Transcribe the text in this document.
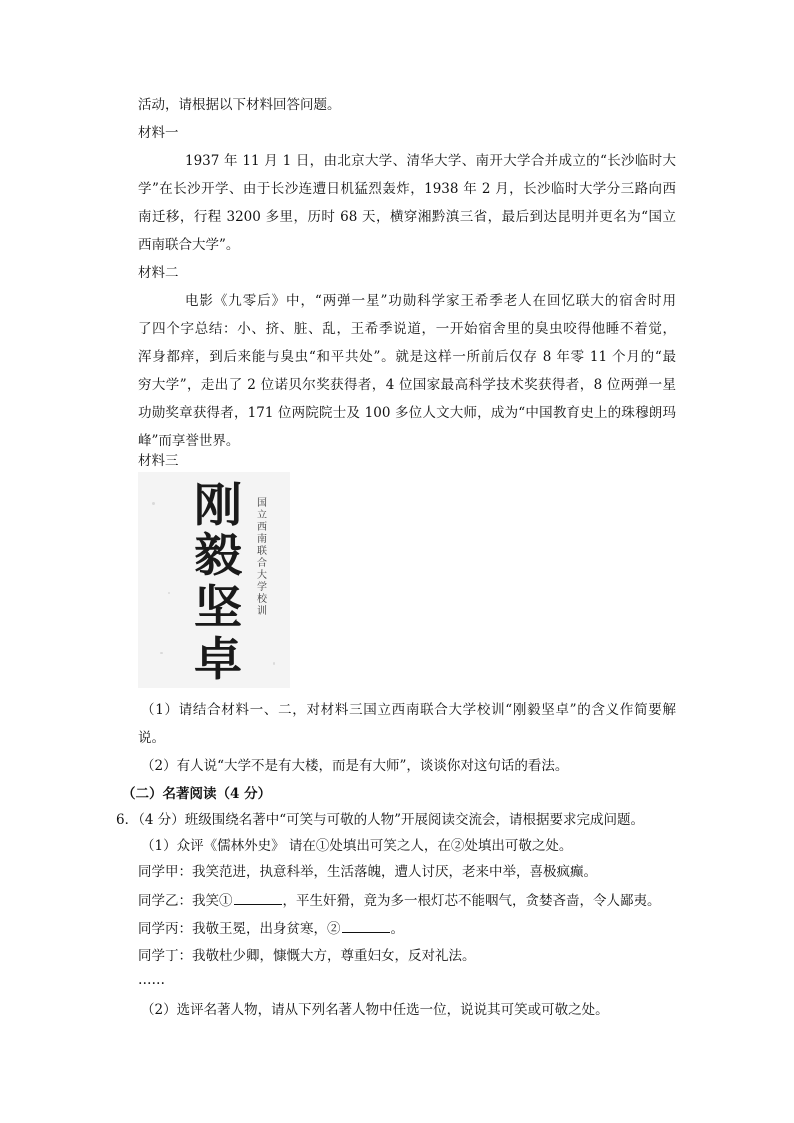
活动，请根据以下材料回答问题。
材料一
1937 年 11 月 1 日，由北京大学、清华大学、南开大学合并成立的“长沙临时大
学”在长沙开学、由于长沙连遭日机猛烈轰炸，1938 年 2 月，长沙临时大学分三路向西
南迁移，行程 3200 多里，历时 68 天，横穿湘黔滇三省，最后到达昆明并更名为“国立
西南联合大学”。
材料二
电影《九零后》中，“两弹一星”功勋科学家王希季老人在回忆联大的宿舍时用
了四个字总结：小、挤、脏、乱，王希季说道，一开始宿舍里的臭虫咬得他睡不着觉，
浑身都痒，到后来能与臭虫“和平共处”。就是这样一所前后仅存 8 年零 11 个月的“最
穷大学”，走出了 2 位诺贝尔奖获得者，4 位国家最高科学技术奖获得者，8 位两弹一星
功勋奖章获得者，171 位两院院士及 100 多位人文大师，成为“中国教育史上的珠穆朗玛
峰”而享誉世界。
材料三
刚
毅
坚
卓
国立西南联合大学校训
（1）请结合材料一、二，对材料三国立西南联合大学校训“刚毅坚卓”的含义作简要解
说。
（2）有人说“大学不是有大楼，而是有大师”，谈谈你对这句话的看法。
（二）名著阅读（4 分）
6．（4 分）班级围绕名著中“可笑与可敬的人物”开展阅读交流会，请根据要求完成问题。
（1）众评《儒林外史》 请在①处填出可笑之人，在②处填出可敬之处。
同学甲：我笑范进，执意科举，生活落魄，遭人讨厌，老来中举，喜极疯癫。
同学乙：我笑①	，平生奸猾，竟为多一根灯芯不能咽气，贪婪吝啬，令人鄙夷。
同学丙：我敬王冕，出身贫寒，②	。
同学丁：我敬杜少卿，慷慨大方，尊重妇女，反对礼法。
……
（2）选评名著人物，请从下列名著人物中任选一位，说说其可笑或可敬之处。
